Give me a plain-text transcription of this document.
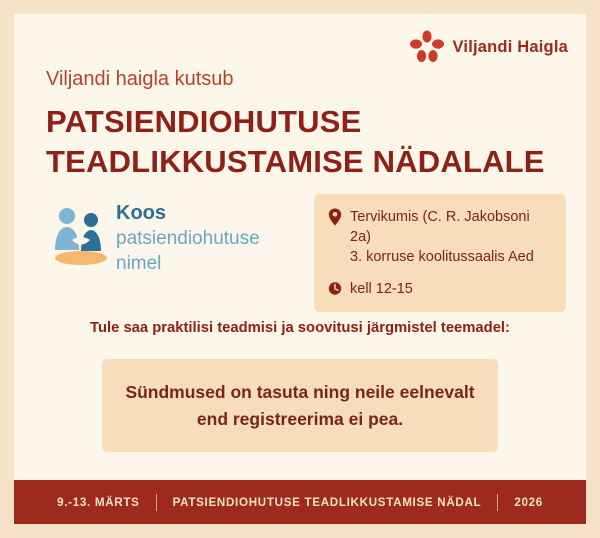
Viljandi Haigla
Viljandi haigla kutsub
PATSIENDIOHUTUSE
TEADLIKKUSTAMISE NÄDALALE
Koos
patsiendiohutuse
nimel
Tervikumis (C. R. Jakobsoni 2a)
3. korruse koolitussaalis Aed
kell 12-15
Tule saa praktilisi teadmisi ja soovitusi järgmistel teemadel:
Sündmused on tasuta ning neile eelnevalt
end registreerima ei pea.
9.-13. MÄRTS	PATSIENDIOHUTUSE TEADLIKKUSTAMISE NÄDAL	2026
